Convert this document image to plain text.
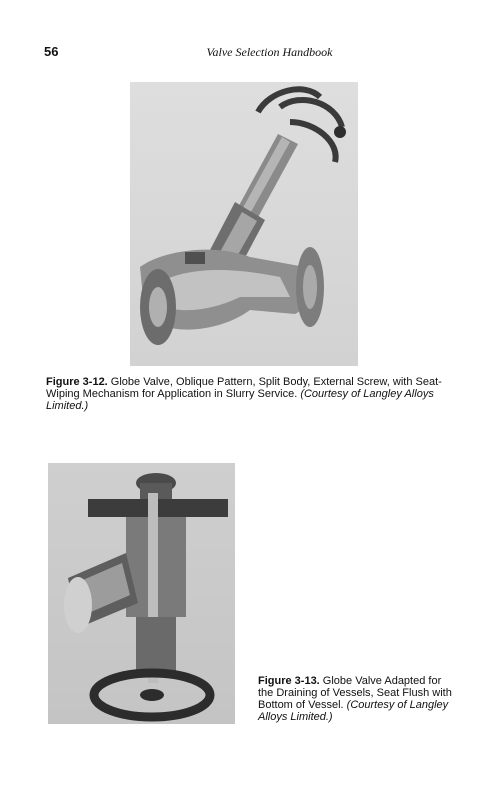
56	Valve Selection Handbook
Figure 3-12. Globe Valve, Oblique Pattern, Split Body, External Screw, with Seat-Wiping Mechanism for Application in Slurry Service. (Courtesy of Langley Alloys Limited.)
Figure 3-13. Globe Valve Adapted for the Draining of Vessels, Seat Flush with Bottom of Vessel. (Courtesy of Langley Alloys Limited.)
